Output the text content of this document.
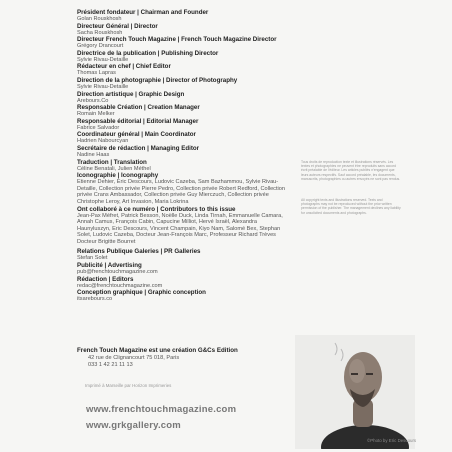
Président fondateur | Chairman and Founder
Golan Rouskhosh
Directeur Général | Director
Sacha Rouskhosh
Directeur French Touch Magazine | French Touch Magazine Director
Grégory Drancourt
Directrice de la publication | Publishing Director
Sylvie Rivau-Detaille
Rédacteur en chef | Chief Editor
Thomas Lapras
Direction de la photographie | Director of Photography
Sylvie Rivau-Detaille
Direction artistique | Graphic Design
Arebours.Co
Responsable Création | Creation Manager
Romain Melker
Responsable éditorial | Editorial Manager
Fabrice Salvador
Coordinateur général | Main Coordinator
Hadrien Nabourcyan
Secrétaire de rédaction | Managing Editor
Nadine Haas
Traduction | Translation
Céline Benatali, Julien Méthel
Iconographie | Iconography
Etienne Dehier, Eric Descours, Ludovic Cazeba, Sam Bazhammou, Sylvie Rivau-Detaille, Collection privée Pierre Pedro, Collection privée Robert Redford, Collection privée Crans Ambassador, Collection privée Guy Mierczuch, Collection privée Christophe Leroy, Art Invasion, Maria Lokrina
Ont collaboré à ce numéro | Contributors to this issue
Jean-Pax Méfret, Patrick Besson, Noëlle Duck, Linda Tirnah, Emmanuelle Camara, Annah Camus, François Cabin, Capucine Milliot, Hervé Israël, Alexandra Haunyluszyn, Eric Descours, Vincent Champain, Kiyo Nam, Salomé Bex, Stephan Solet, Ludovic Cazeba, Docteur Jean-François Marc, Professeur Richard Trèves Docteur Brigitte Bourret
Relations Publique Galeries | PR Galleries
Stefan Solet
Publicité | Advertising
pub@frenchtouchmagazine.com
Rédaction | Editors
redac@frenchtouchmagazine.com
Conception graphique | Graphic conception
itsarebours.co
French Touch Magazine est une création G&Cs Edition
42 rue de Clignancourt 75 018, Paris
033 1 42 21 11 13
Imprimé à Marseille par Horizon Imprimeries
www.frenchtouchmagazine.com
www.grkgallery.com
Tous droits de reproduction texte et illustrations réservés. Les textes et photographies ne peuvent être reproduits sans accord écrit préalable de l'éditeur. Les articles publiés n'engagent que leurs auteurs respectifs. Sauf accord préalable, les documents, manuscrits, photographies ou autres envoyés ne sont pas rendus.
All copyright texts and illustrations reserved. Texts and photographs may not be reproduced without the prior written permission of the publisher. The management declines any liability for unsolicited documents and photographs.
©Photo by Eric Descours
